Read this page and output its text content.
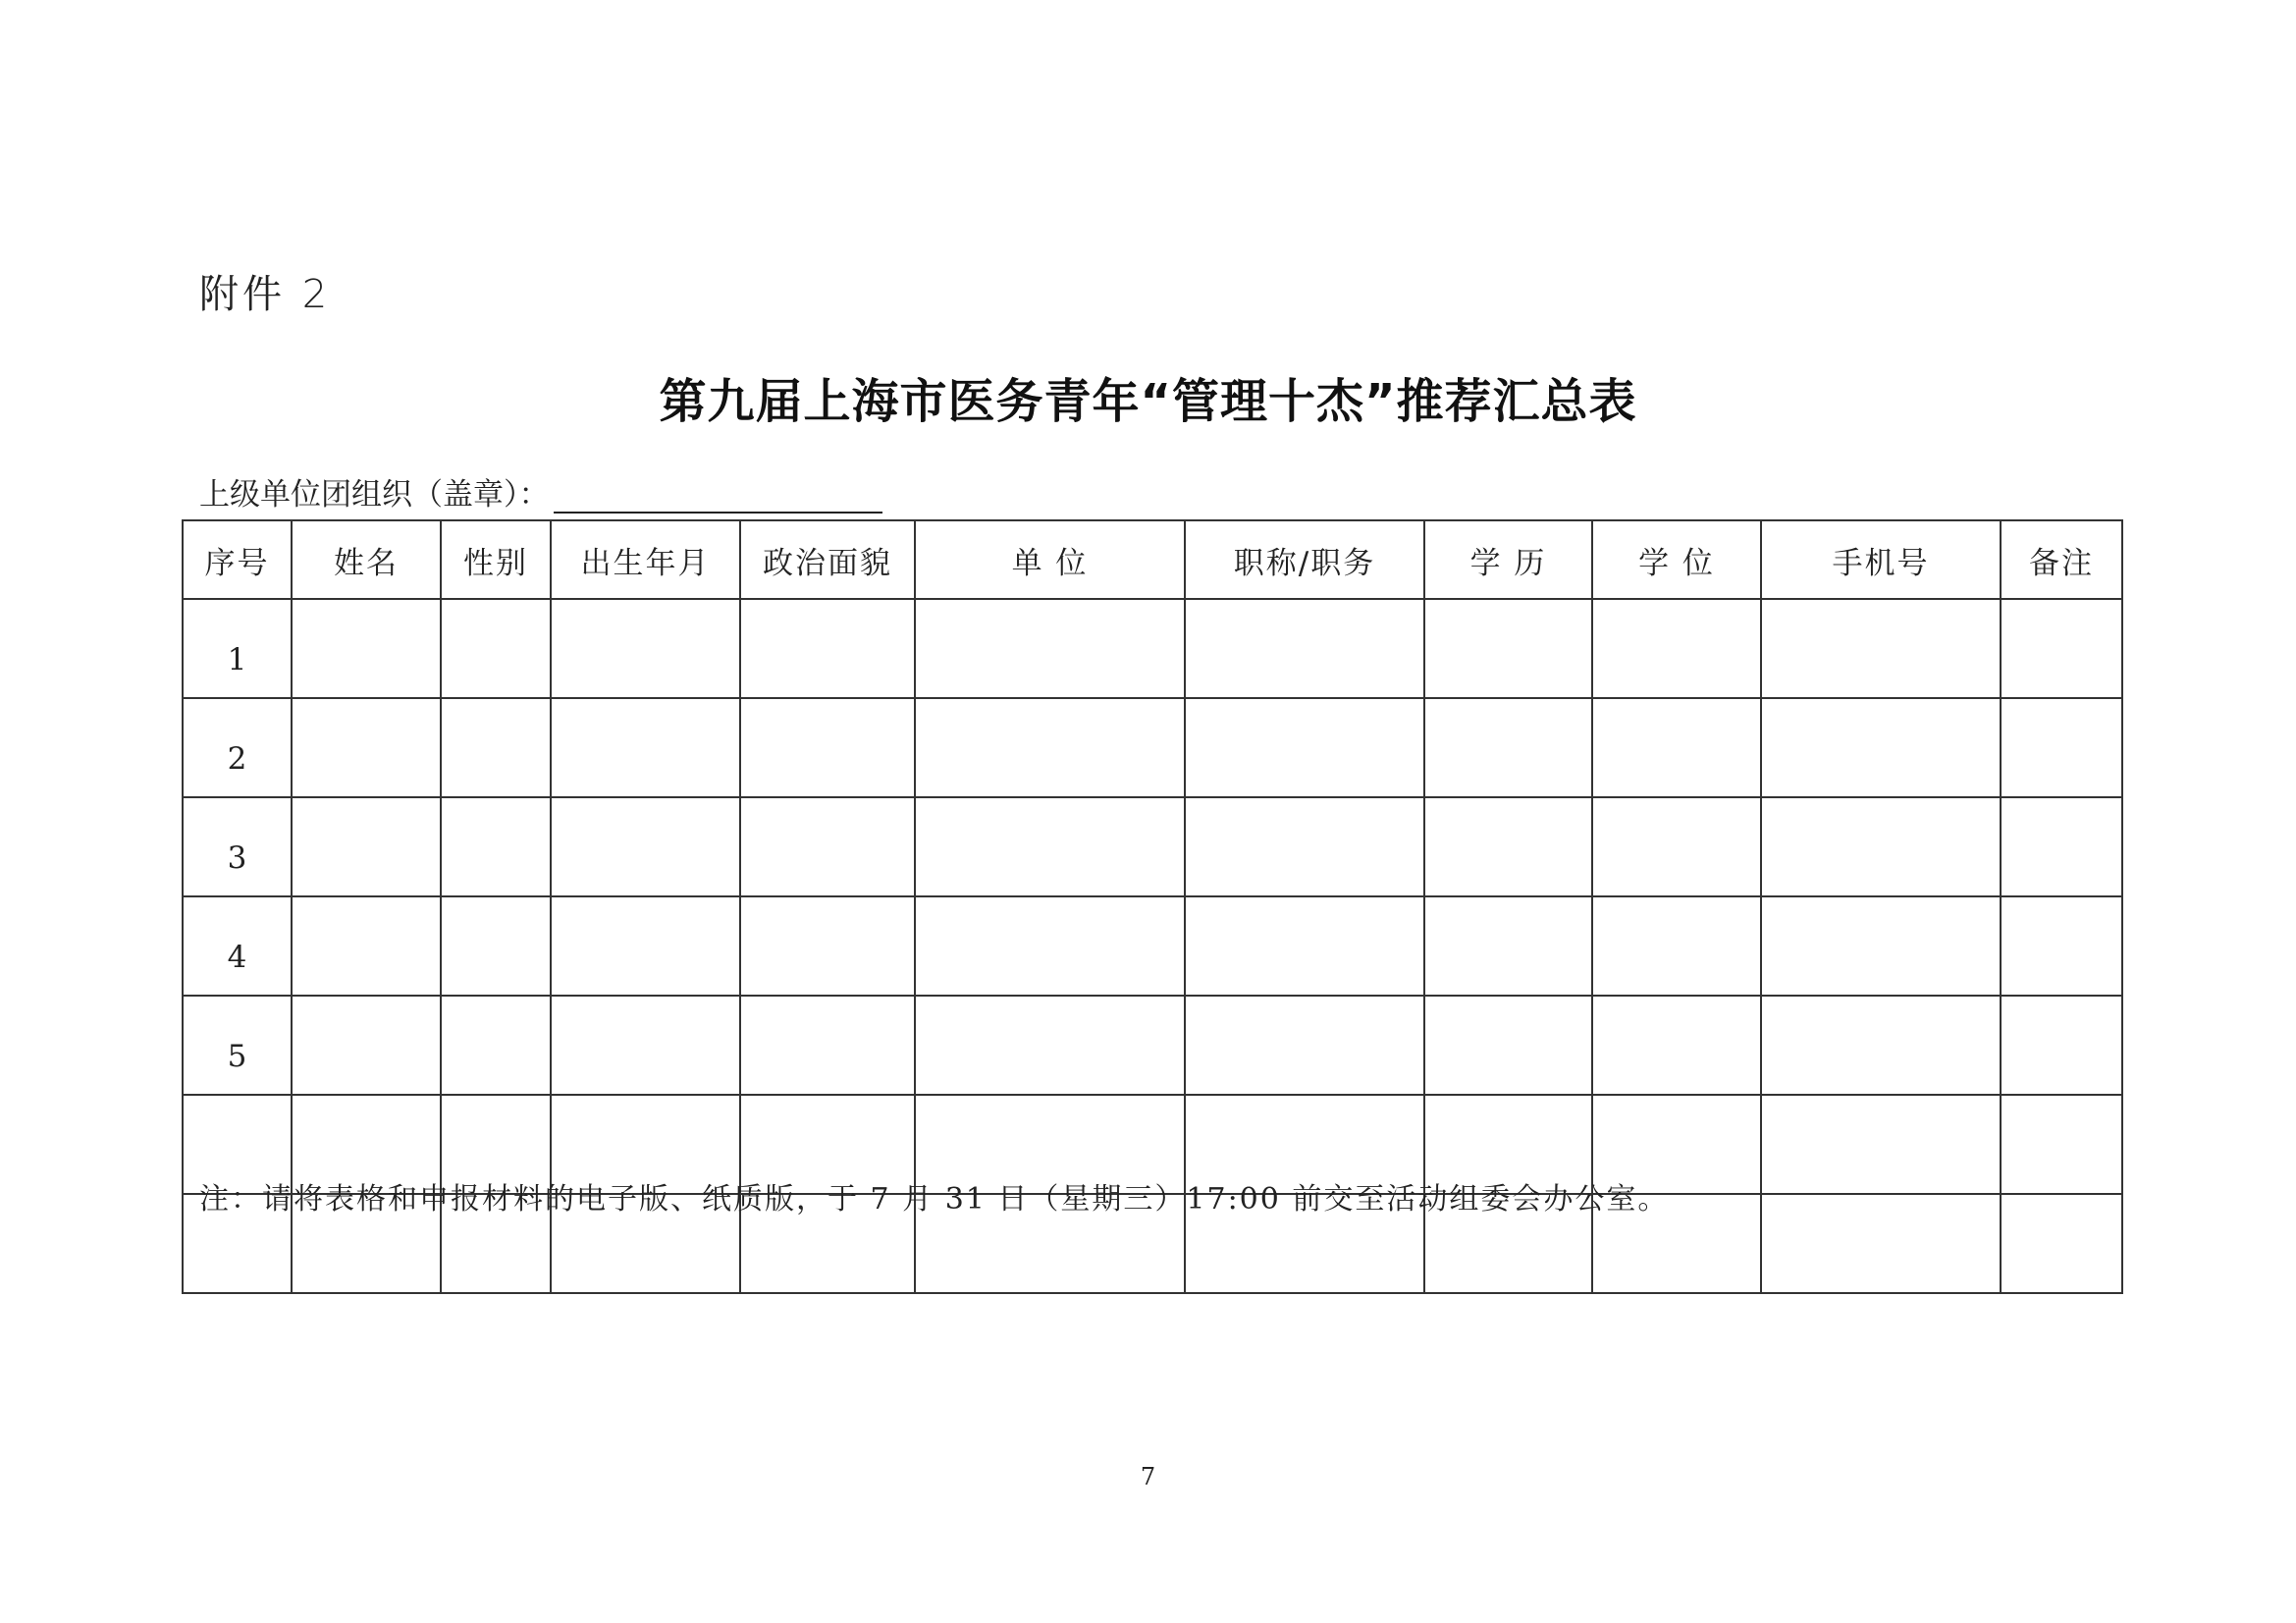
附件 2
第九届上海市医务青年“管理十杰”推荐汇总表
上级单位团组织（盖章）：
序号	姓名	性别	出生年月	政治面貌	单 位	职称/职务	学 历	学 位	手机号	备注
1										
2										
3										
4										
5										

注：请将表格和申报材料的电子版、纸质版，于 7 月 31 日（星期三）17:00 前交至活动组委会办公室。
7
